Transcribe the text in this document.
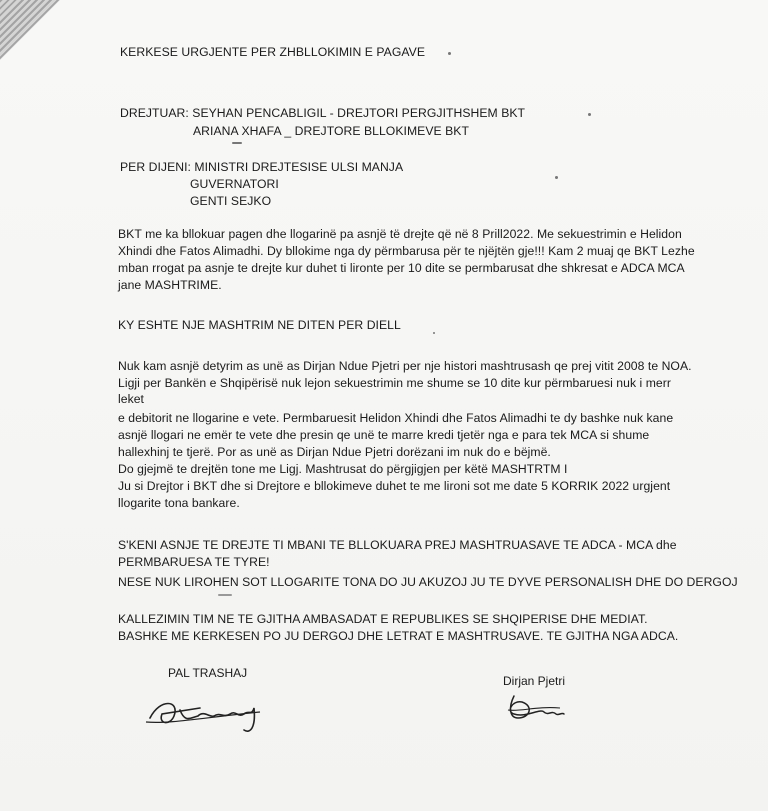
KERKESE URGJENTE PER ZHBLLOKIMIN E PAGAVE
DREJTUAR: SEYHAN PENCABLIGIL - DREJTORI PERGJITHSHEM BKT
ARIANA XHAFA _ DREJTORE BLLOKIMEVE BKT
PER DIJENI: MINISTRI DREJTESISE ULSI MANJA
GUVERNATORI
GENTI SEJKO
BKT me ka bllokuar pagen dhe llogarinë pa asnjë të drejte që në 8 Prill2022. Me sekuestrimin e Helidon
Xhindi dhe Fatos Alimadhi. Dy bllokime nga dy përmbarusa për te njëjtën gje!!! Kam 2 muaj qe BKT Lezhe
mban rrogat pa asnje te drejte kur duhet ti lironte per 10 dite se permbarusat dhe shkresat e ADCA MCA
jane MASHTRIME.
KY ESHTE NJE MASHTRIM NE DITEN PER DIELL
Nuk kam asnjë detyrim as unë as Dirjan Ndue Pjetri per nje histori mashtrusash qe prej vitit 2008 te NOA.
Ligji per Bankën e Shqipërisë nuk lejon sekuestrimin me shume se 10 dite kur përmbaruesi nuk i merr
leket
e debitorit ne llogarine e vete. Permbaruesit Helidon Xhindi dhe Fatos Alimadhi te dy bashke nuk kane
asnjë llogari ne emër te vete dhe presin qe unë te marre kredi tjetër nga e para tek MCA si shume
hallexhinj te tjerë. Por as unë as Dirjan Ndue Pjetri dorëzani im nuk do e bëjmë.
Do gjejmë te drejtën tone me Ligj. Mashtrusat do përgjigjen per këtë MASHTRTM I
Ju si Drejtor i BKT dhe si Drejtore e bllokimeve duhet te me lironi sot me date 5 KORRIK 2022 urgjent
llogarite tona bankare.
S'KENI ASNJE TE DREJTE TI MBANI TE BLLOKUARA PREJ MASHTRUASAVE TE ADCA - MCA dhe
PERMBARUESA TE TYRE!
NESE NUK LIROHEN SOT LLOGARITE TONA DO JU AKUZOJ JU TE DYVE PERSONALISH DHE DO DERGOJ
KALLEZIMIN TIM NE TE GJITHA AMBASADAT E REPUBLIKES SE SHQIPERISE DHE MEDIAT.
BASHKE ME KERKESEN PO JU DERGOJ DHE LETRAT E MASHTRUSAVE. TE GJITHA NGA ADCA.
PAL TRASHAJ
Dirjan Pjetri
